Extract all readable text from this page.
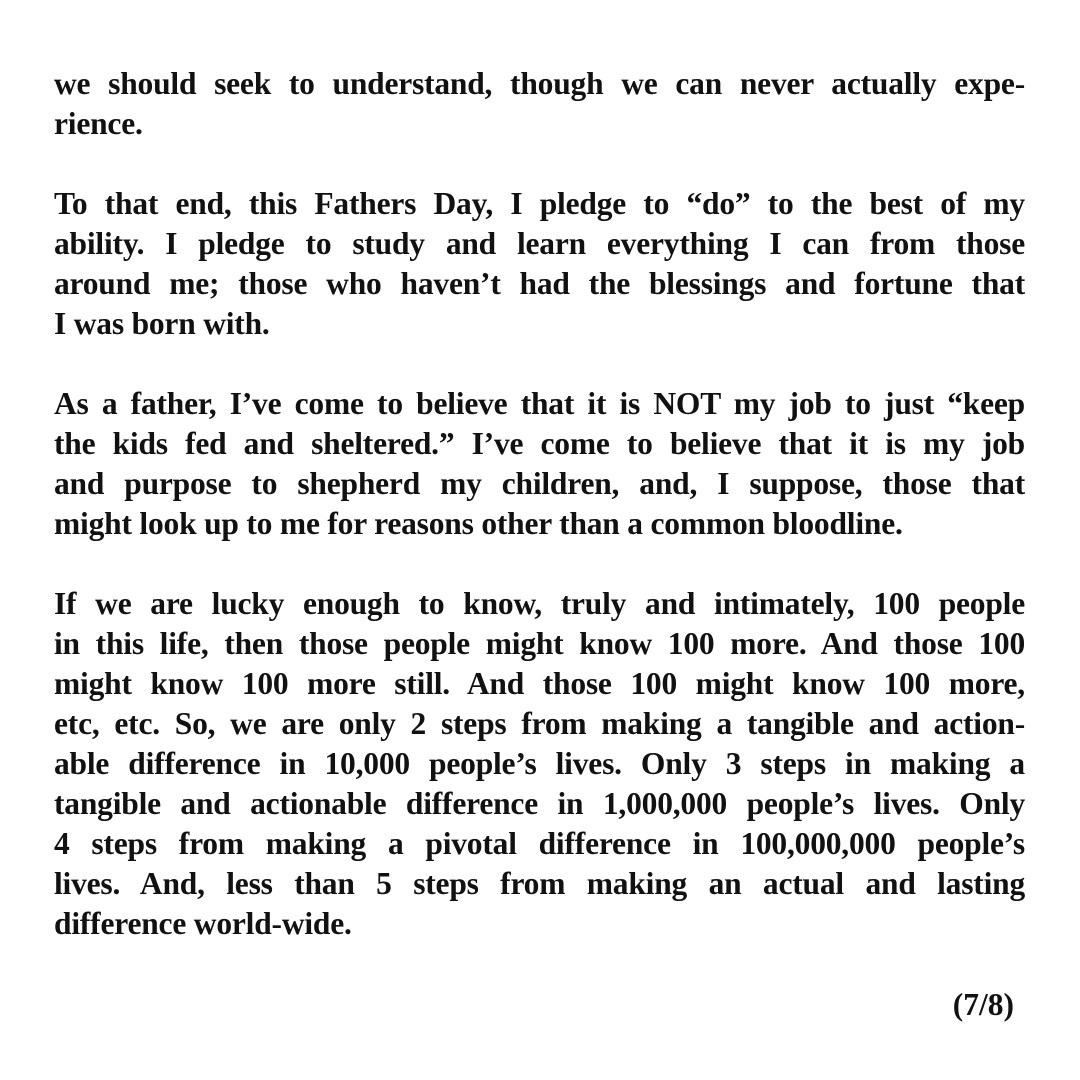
we should seek to understand, though we can never actually expe-
rience.
To that end, this Fathers Day, I pledge to “do” to the best of my
ability. I pledge to study and learn everything I can from those
around me; those who haven’t had the blessings and fortune that
I was born with.
As a father, I’ve come to believe that it is NOT my job to just “keep
the kids fed and sheltered.” I’ve come to believe that it is my job
and purpose to shepherd my children, and, I suppose, those that
might look up to me for reasons other than a common bloodline.
If we are lucky enough to know, truly and intimately, 100 people
in this life, then those people might know 100 more. And those 100
might know 100 more still. And those 100 might know 100 more,
etc, etc. So, we are only 2 steps from making a tangible and action-
able difference in 10,000 people’s lives. Only 3 steps in making a
tangible and actionable difference in 1,000,000 people’s lives. Only
4 steps from making a pivotal difference in 100,000,000 people’s
lives. And, less than 5 steps from making an actual and lasting
difference world-wide.
(7/8)
